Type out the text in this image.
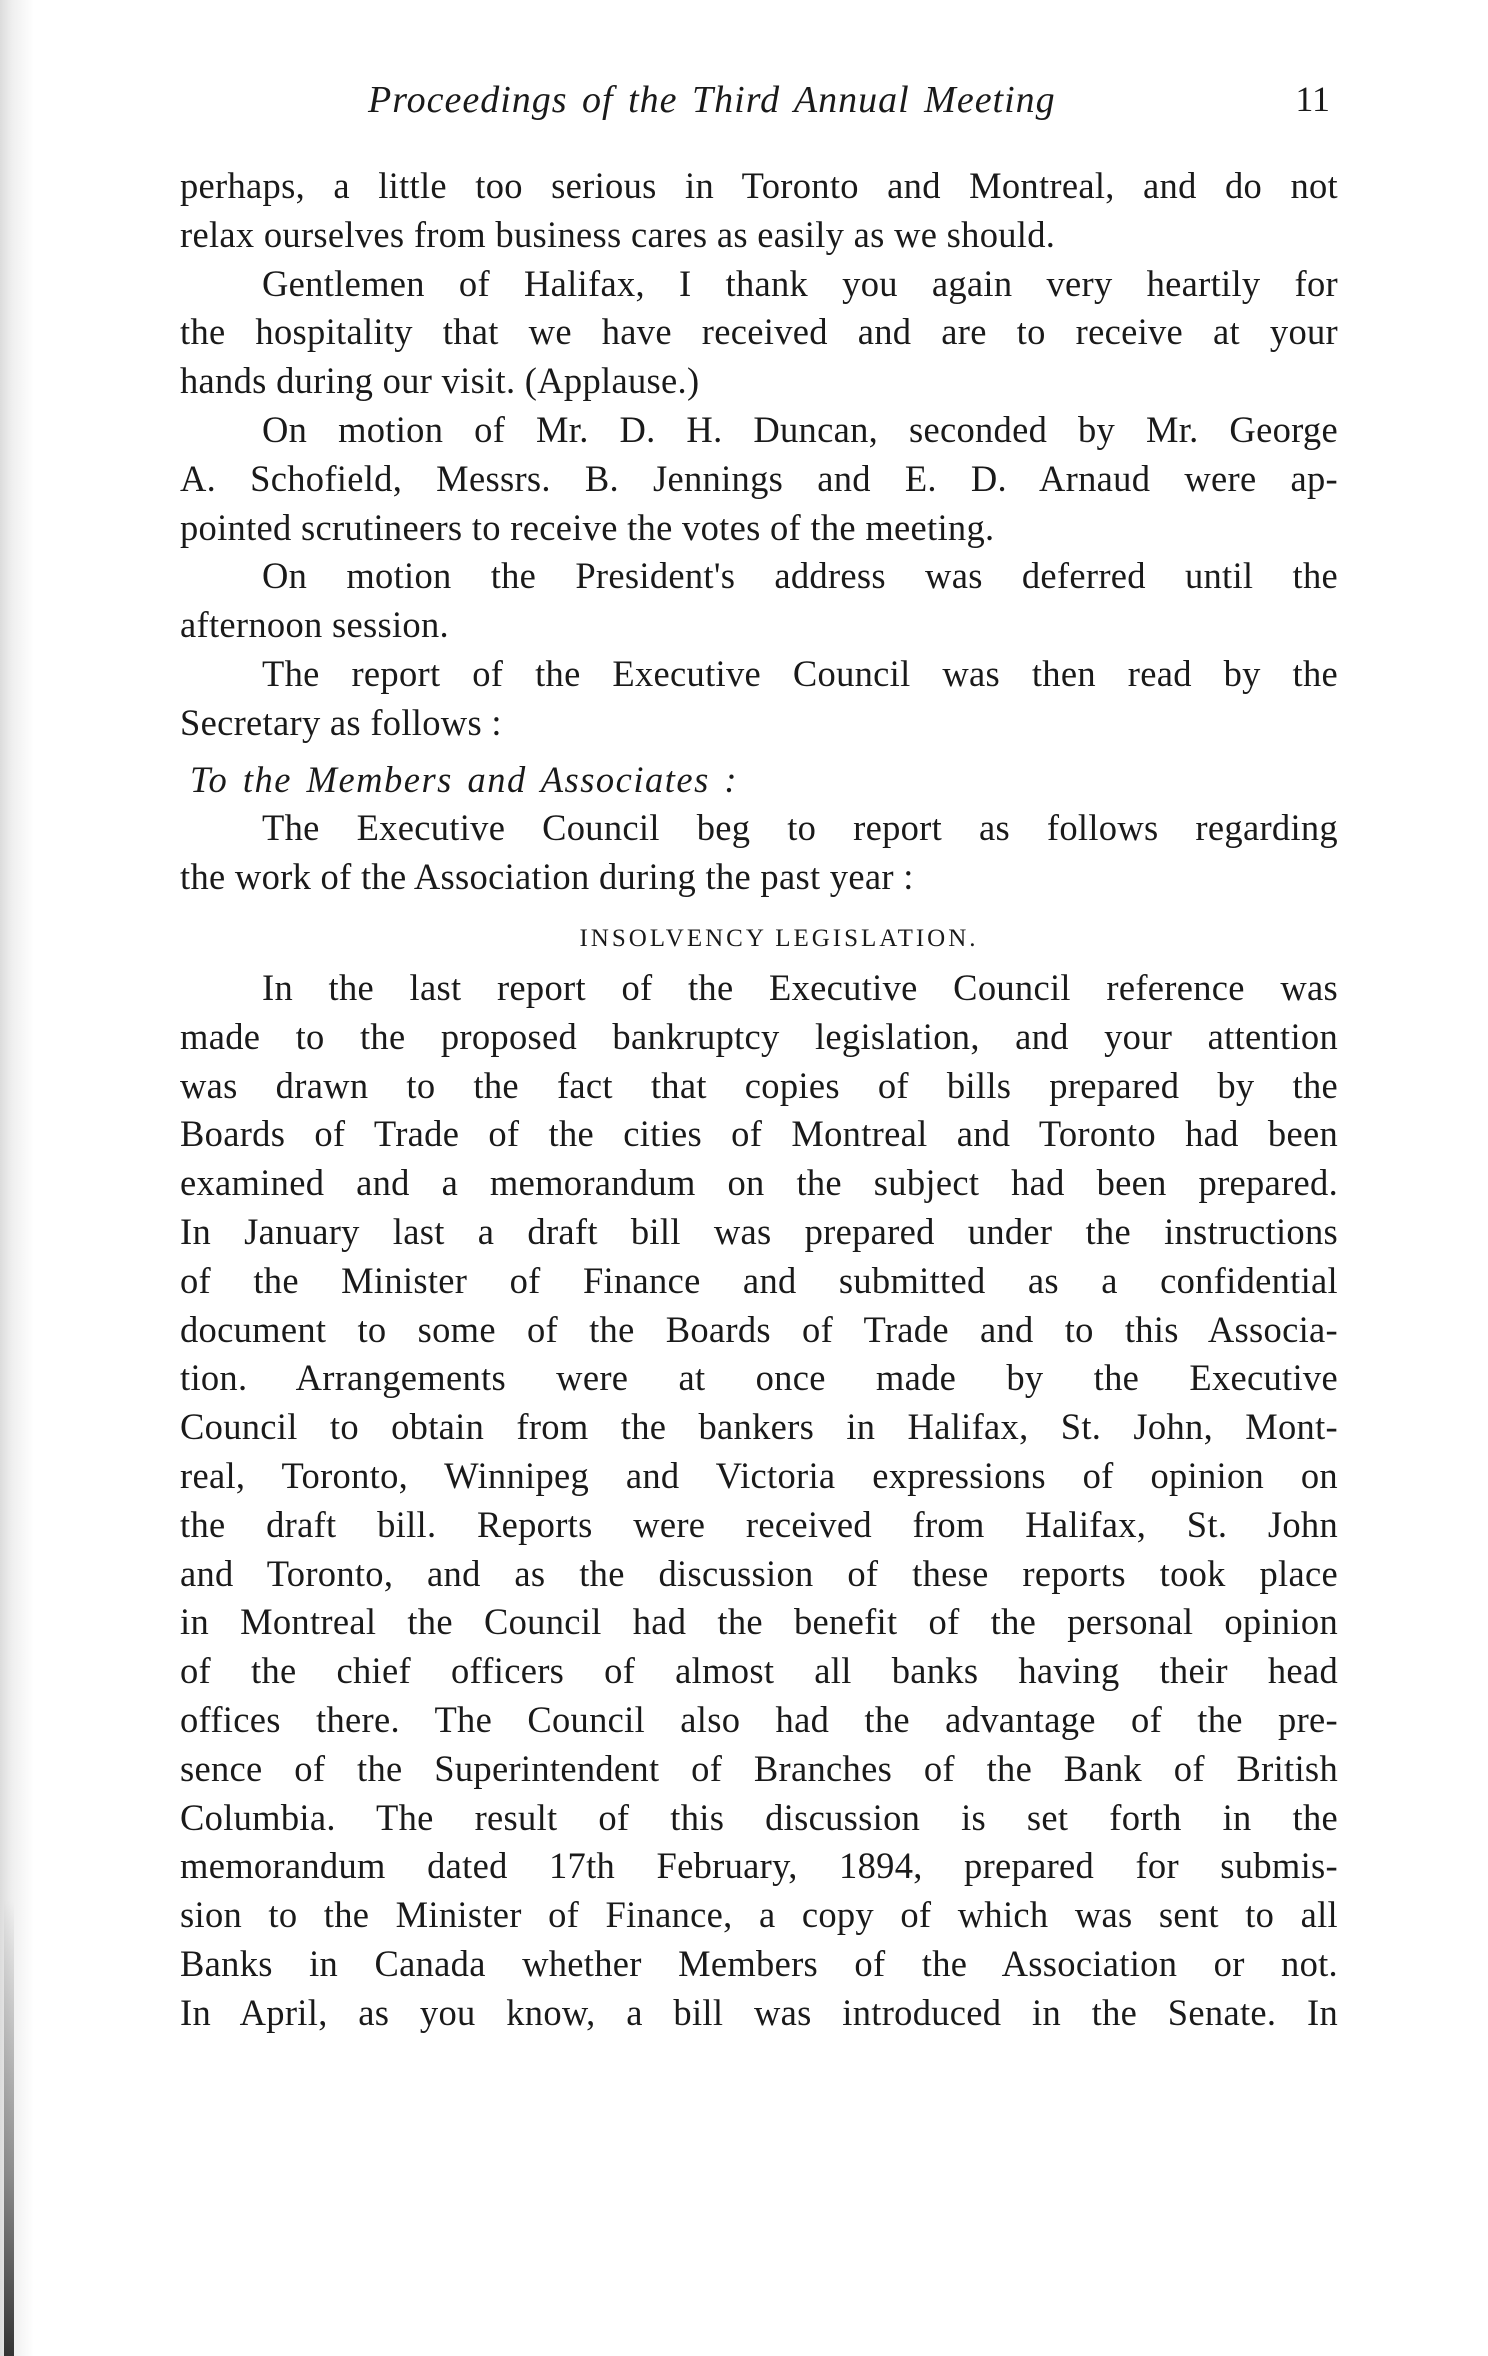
Proceedings of the Third Annual Meeting	11
perhaps, a little too serious in Toronto and Montreal, and do not
relax ourselves from business cares as easily as we should.
Gentlemen of Halifax, I thank you again very heartily for
the hospitality that we have received and are to receive at your
hands during our visit. (Applause.)
On motion of Mr. D. H. Duncan, seconded by Mr. George
A. Schofield, Messrs. B. Jennings and E. D. Arnaud were ap-
pointed scrutineers to receive the votes of the meeting.
On motion the President's address was deferred until the
afternoon session.
The report of the Executive Council was then read by the
Secretary as follows :
To the Members and Associates :
The Executive Council beg to report as follows regarding
the work of the Association during the past year :
INSOLVENCY LEGISLATION.
In the last report of the Executive Council reference was
made to the proposed bankruptcy legislation, and your attention
was drawn to the fact that copies of bills prepared by the
Boards of Trade of the cities of Montreal and Toronto had been
examined and a memorandum on the subject had been prepared.
In January last a draft bill was prepared under the instructions
of the Minister of Finance and submitted as a confidential
document to some of the Boards of Trade and to this Associa-
tion. Arrangements were at once made by the Executive
Council to obtain from the bankers in Halifax, St. John, Mont-
real, Toronto, Winnipeg and Victoria expressions of opinion on
the draft bill. Reports were received from Halifax, St. John
and Toronto, and as the discussion of these reports took place
in Montreal the Council had the benefit of the personal opinion
of the chief officers of almost all banks having their head
offices there. The Council also had the advantage of the pre-
sence of the Superintendent of Branches of the Bank of British
Columbia. The result of this discussion is set forth in the
memorandum dated 17th February, 1894, prepared for submis-
sion to the Minister of Finance, a copy of which was sent to all
Banks in Canada whether Members of the Association or not.
In April, as you know, a bill was introduced in the Senate. In
